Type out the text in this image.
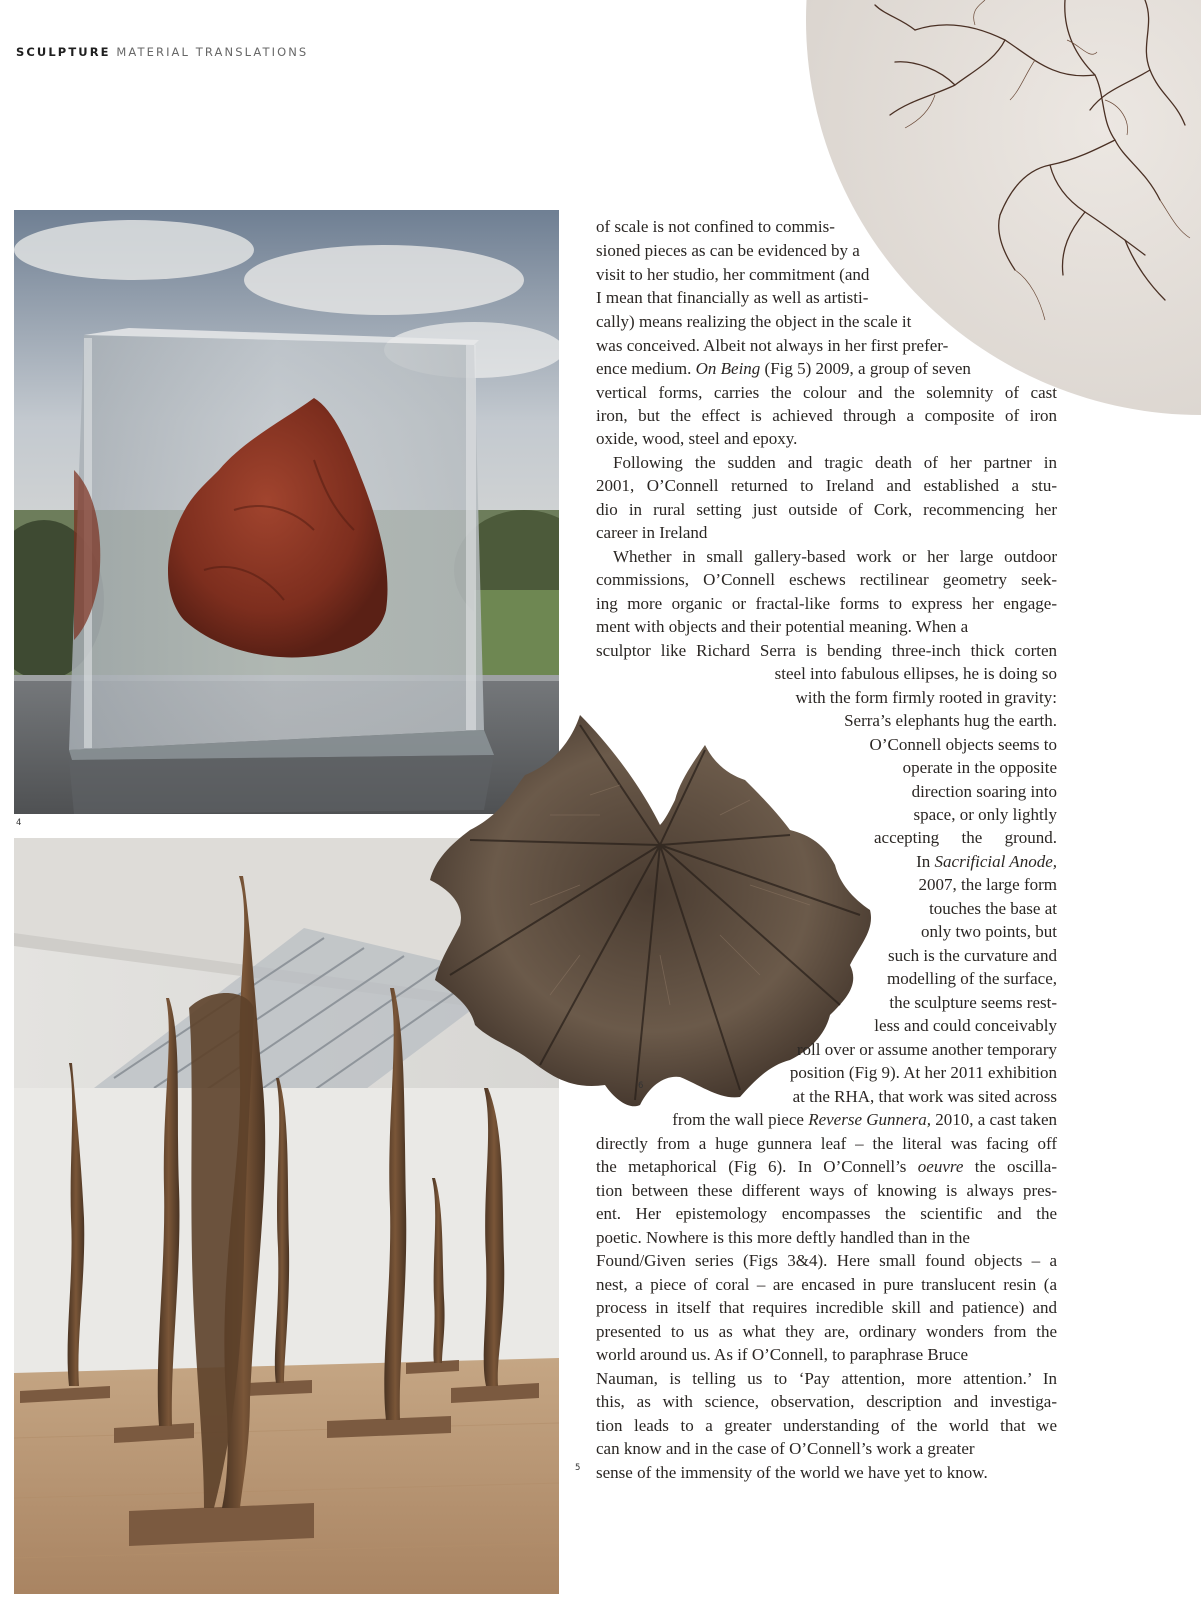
SCULPTURE MATERIAL TRANSLATIONS
4
5
6

of scale is not confined to commis-

sioned pieces as can be evidenced by a

visit to her studio, her commitment (and

I mean that financially as well as artisti-

cally) means realizing the object in the scale it

was conceived. Albeit not always in her first prefer-

ence medium. On Being (Fig 5) 2009, a group of seven

vertical forms, carries the colour and the solemnity of cast

iron, but the effect is achieved through a composite of iron

oxide, wood, steel and epoxy.

Following the sudden and tragic death of her partner in

2001, O’Connell returned to Ireland and established a stu-

dio in rural setting just outside of Cork, recommencing her

career in Ireland

Whether in small gallery-based work or her large outdoor

commissions, O’Connell eschews rectilinear geometry seek-

ing more organic or fractal-like forms to express her engage-

ment with objects and their potential meaning. When a

sculptor like Richard Serra is bending three-inch thick corten

steel into fabulous ellipses, he is doing so

with the form firmly rooted in gravity:

Serra’s elephants hug the earth.

O’Connell objects seems to

operate in the opposite

direction soaring into

space, or only lightly

accepting the ground.

In Sacrificial Anode,

2007, the large form

touches the base at

only two points, but

such is the curvature and

modelling of the surface,

the sculpture seems rest-

less and could conceivably

roll over or assume another temporary

position (Fig 9). At her 2011 exhibition

at the RHA, that work was sited across

from the wall piece Reverse Gunnera, 2010, a cast taken

directly from a huge gunnera leaf – the literal was facing off

the metaphorical (Fig 6). In O’Connell’s oeuvre the oscilla-

tion between these different ways of knowing is always pres-

ent. Her epistemology encompasses the scientific and the

poetic. Nowhere is this more deftly handled than in the

Found/Given series (Figs 3&4). Here small found objects – a

nest, a piece of coral – are encased in pure translucent resin (a

process in itself that requires incredible skill and patience) and

presented to us as what they are, ordinary wonders from the

world around us. As if O’Connell, to paraphrase Bruce

Nauman, is telling us to ‘Pay attention, more attention.’ In

this, as with science, observation, description and investiga-

tion leads to a greater understanding of the world that we

can know and in the case of O’Connell’s work a greater

sense of the immensity of the world we have yet to know.
